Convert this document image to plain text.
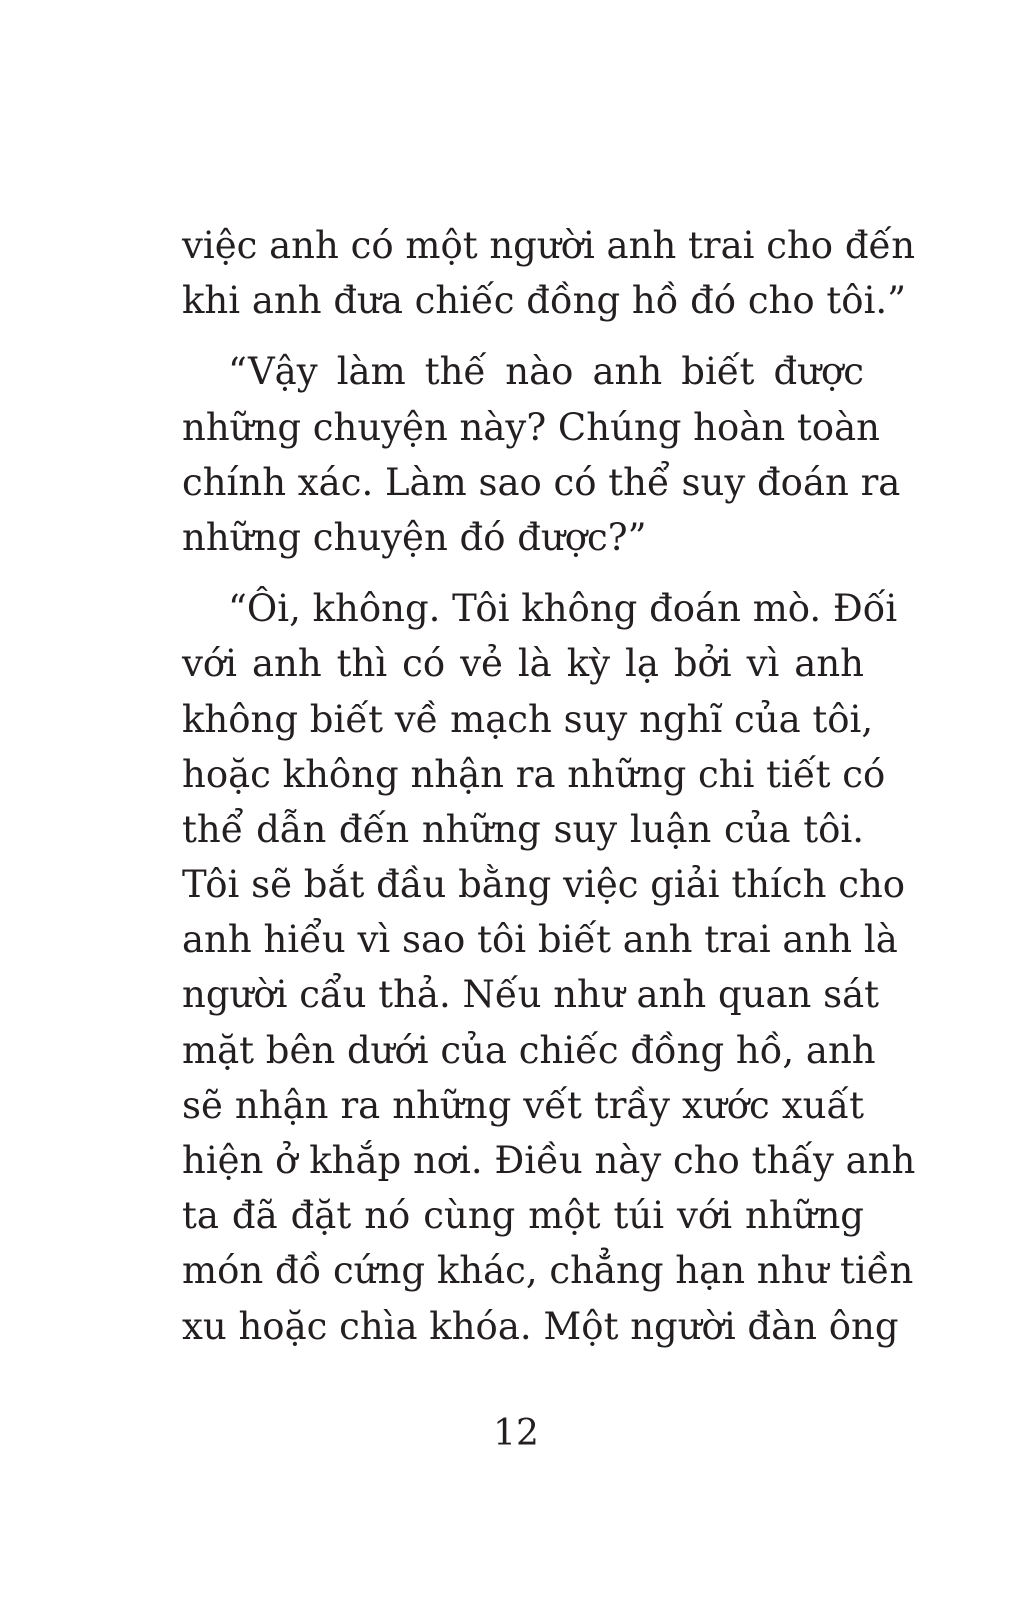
việc anh có một người anh trai cho đến
khi anh đưa chiếc đồng hồ đó cho tôi.”
“Vậy làm thế nào anh biết được
những chuyện này? Chúng hoàn toàn
chính xác. Làm sao có thể suy đoán ra
những chuyện đó được?”
“Ôi, không. Tôi không đoán mò. Đối
với anh thì có vẻ là kỳ lạ bởi vì anh
không biết về mạch suy nghĩ của tôi,
hoặc không nhận ra những chi tiết có
thể dẫn đến những suy luận của tôi.
Tôi sẽ bắt đầu bằng việc giải thích cho
anh hiểu vì sao tôi biết anh trai anh là
người cẩu thả. Nếu như anh quan sát
mặt bên dưới của chiếc đồng hồ, anh
sẽ nhận ra những vết trầy xước xuất
hiện ở khắp nơi. Điều này cho thấy anh
ta đã đặt nó cùng một túi với những
món đồ cứng khác, chẳng hạn như tiền
xu hoặc chìa khóa. Một người đàn ông
12
